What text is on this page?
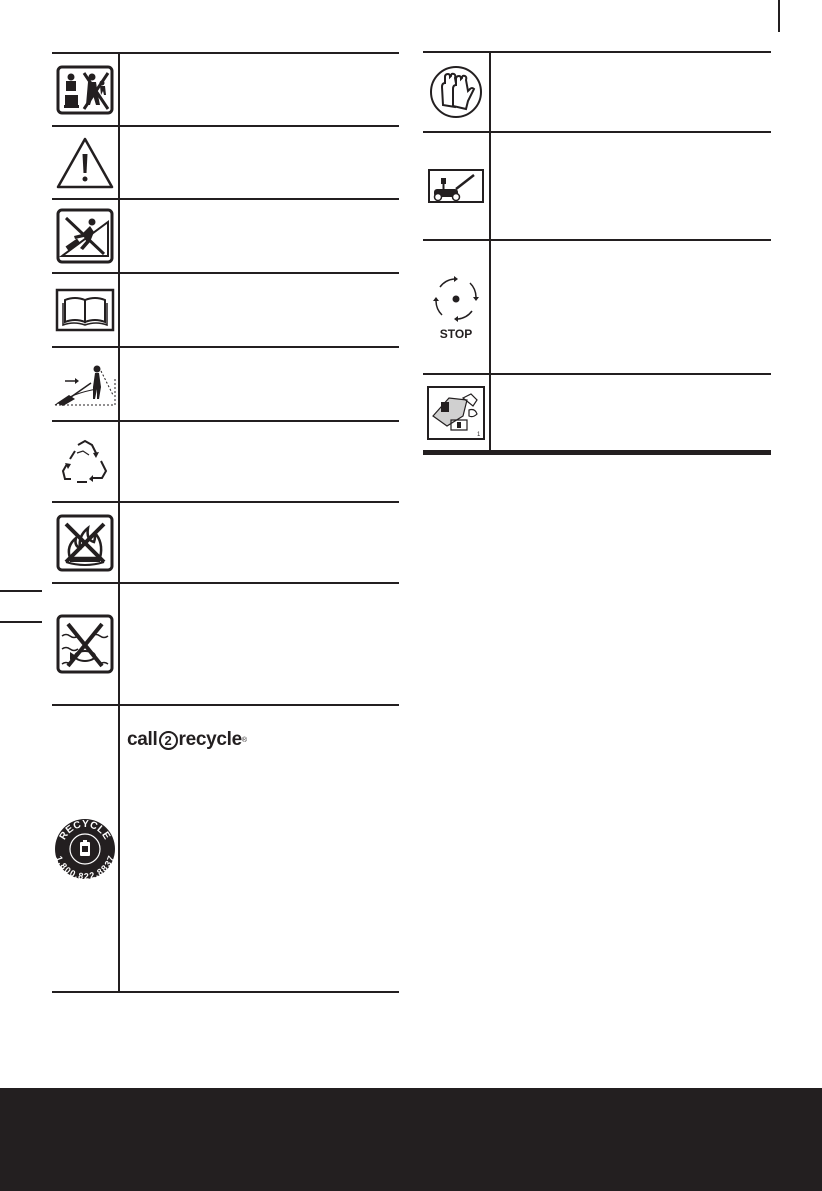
RECYCLE
1.800.822.8837
call 2 recycle ®
STOP
1
